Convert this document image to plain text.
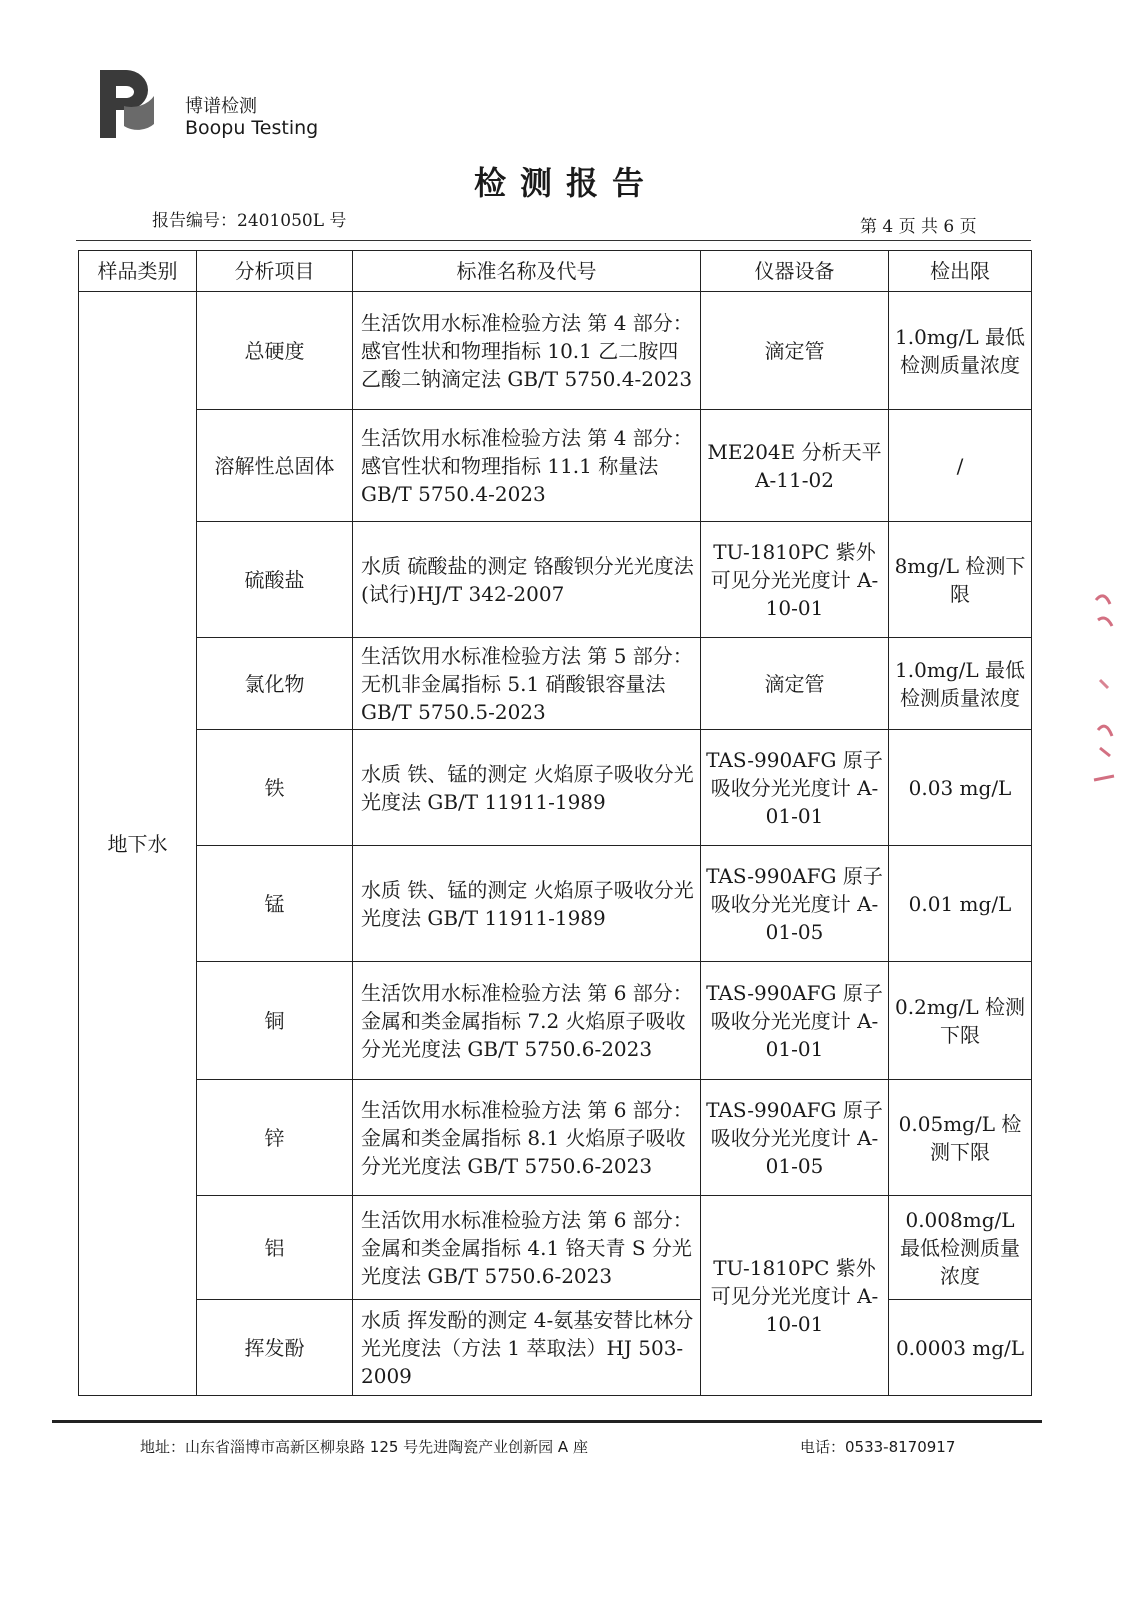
博谱检测
Boopu Testing
检测报告
报告编号：2401050L 号	第 4 页 共 6 页
样品类别	分析项目	标准名称及代号	仪器设备	检出限
地下水	总硬度	生活饮用水标准检验方法 第 4 部分：感官性状和物理指标 10.1 乙二胺四乙酸二钠滴定法 GB/T 5750.4-2023	滴定管	1.0mg/L 最低检测质量浓度
	溶解性总固体	生活饮用水标准检验方法 第 4 部分：感官性状和物理指标 11.1 称量法 GB/T 5750.4-2023	ME204E 分析天平 A-11-02	/
	硫酸盐	水质 硫酸盐的测定 铬酸钡分光光度法(试行)HJ/T 342-2007	TU-1810PC 紫外可见分光光度计 A-10-01	8mg/L 检测下限
	氯化物	生活饮用水标准检验方法 第 5 部分：无机非金属指标 5.1 硝酸银容量法 GB/T 5750.5-2023	滴定管	1.0mg/L 最低检测质量浓度
	铁	水质 铁、锰的测定 火焰原子吸收分光光度法 GB/T 11911-1989	TAS-990AFG 原子吸收分光光度计 A-01-01	0.03 mg/L
	锰	水质 铁、锰的测定 火焰原子吸收分光光度法 GB/T 11911-1989	TAS-990AFG 原子吸收分光光度计 A-01-05	0.01 mg/L
	铜	生活饮用水标准检验方法 第 6 部分：金属和类金属指标 7.2 火焰原子吸收分光光度法 GB/T 5750.6-2023	TAS-990AFG 原子吸收分光光度计 A-01-01	0.2mg/L 检测下限
	锌	生活饮用水标准检验方法 第 6 部分：金属和类金属指标 8.1 火焰原子吸收分光光度法 GB/T 5750.6-2023	TAS-990AFG 原子吸收分光光度计 A-01-05	0.05mg/L 检测下限
	铝	生活饮用水标准检验方法 第 6 部分：金属和类金属指标 4.1 铬天青 S 分光光度法 GB/T 5750.6-2023	TU-1810PC 紫外可见分光光度计 A-10-01	0.008mg/L 最低检测质量浓度
	挥发酚	水质 挥发酚的测定 4-氨基安替比林分光光度法（方法 1 萃取法）HJ 503-2009		0.0003 mg/L
地址：山东省淄博市高新区柳泉路 125 号先进陶瓷产业创新园 A 座	电话：0533-8170917
